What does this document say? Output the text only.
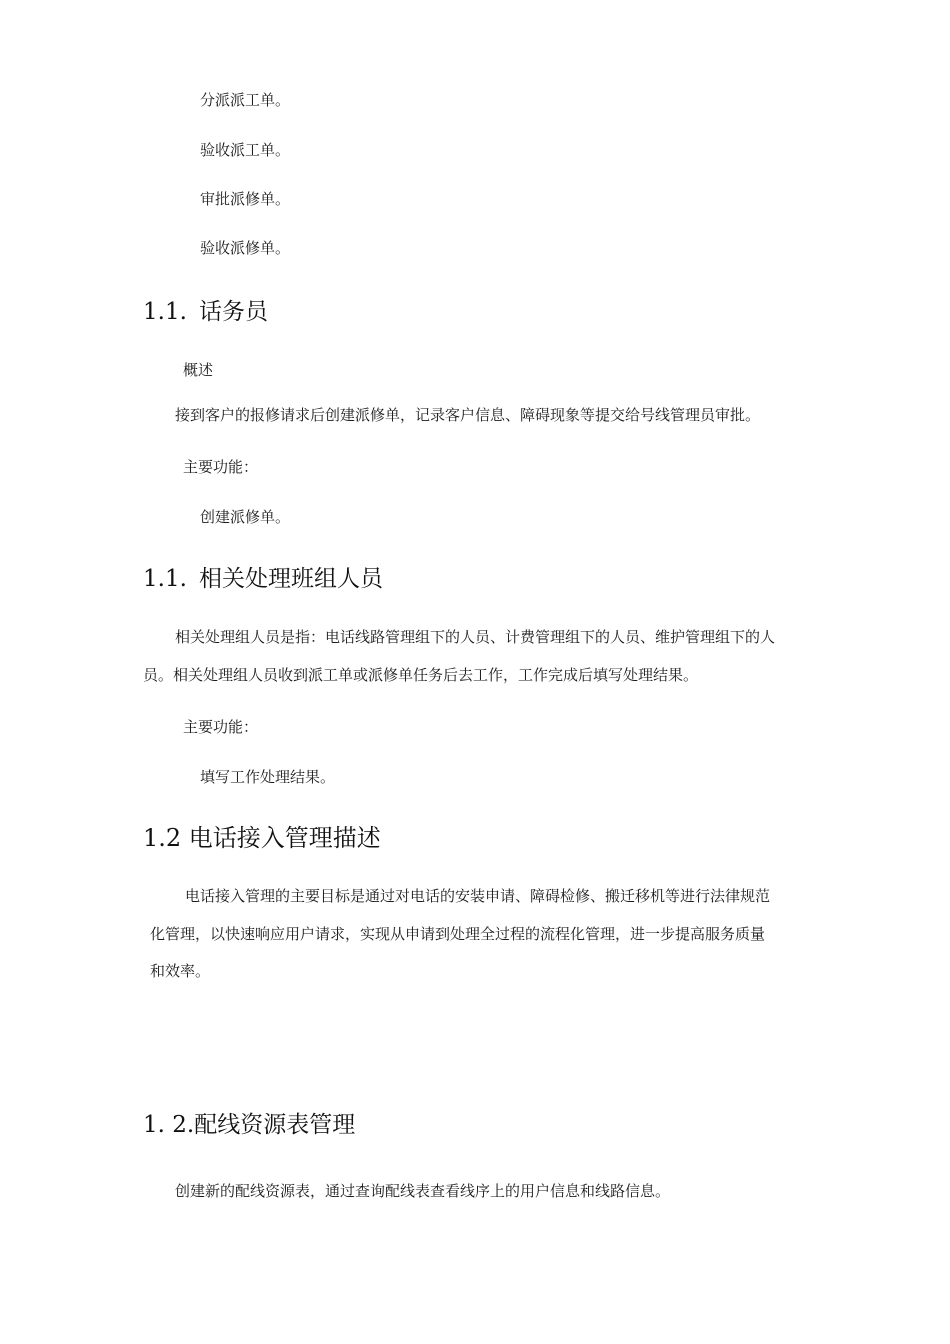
分派派工单。
验收派工单。
审批派修单。
验收派修单。
1.1. 话务员
概述
接到客户的报修请求后创建派修单，记录客户信息、障碍现象等提交给号线管理员审批。
主要功能：
创建派修单。
1.1. 相关处理班组人员
相关处理组人员是指：电话线路管理组下的人员、计费管理组下的人员、维护管理组下的人
员。相关处理组人员收到派工单或派修单任务后去工作，工作完成后填写处理结果。
主要功能：
填写工作处理结果。
1.2 电话接入管理描述
电话接入管理的主要目标是通过对电话的安装申请、障碍检修、搬迁移机等进行法律规范
化管理，以快速响应用户请求，实现从申请到处理全过程的流程化管理，进一步提高服务质量
和效率。
1. 2.配线资源表管理
创建新的配线资源表，通过查询配线表查看线序上的用户信息和线路信息。
